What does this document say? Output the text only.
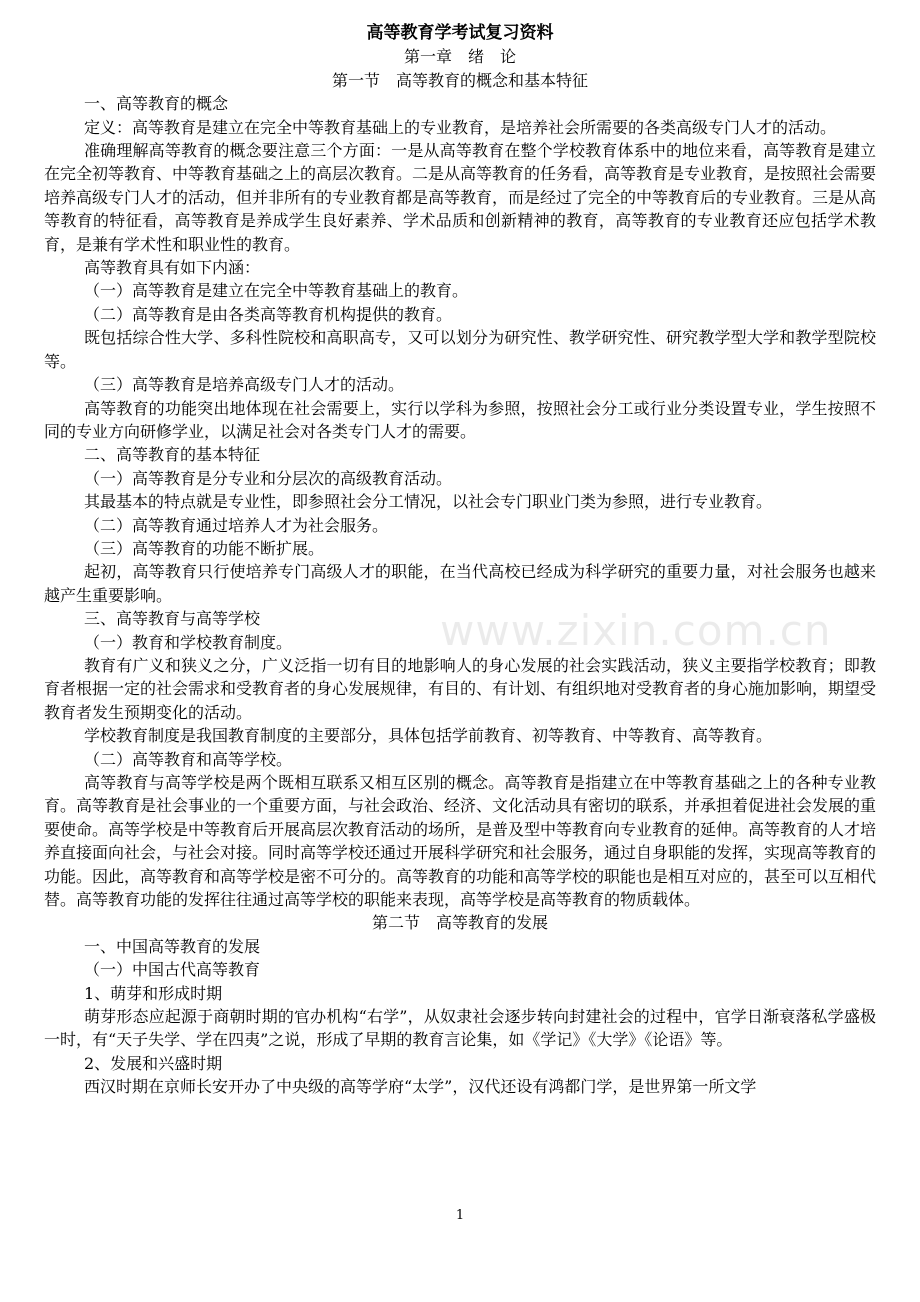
高等教育学考试复习资料

第一章　绪　论

第一节　高等教育的概念和基本特征

一、高等教育的概念

定义：高等教育是建立在完全中等教育基础上的专业教育，是培养社会所需要的各类高级专门人才的活动。

准确理解高等教育的概念要注意三个方面：一是从高等教育在整个学校教育体系中的地位来看，高等教育是建立在完全初等教育、中等教育基础之上的高层次教育。二是从高等教育的任务看，高等教育是专业教育，是按照社会需要培养高级专门人才的活动，但并非所有的专业教育都是高等教育，而是经过了完全的中等教育后的专业教育。三是从高等教育的特征看，高等教育是养成学生良好素养、学术品质和创新精神的教育，高等教育的专业教育还应包括学术教育，是兼有学术性和职业性的教育。

高等教育具有如下内涵：

（一）高等教育是建立在完全中等教育基础上的教育。

（二）高等教育是由各类高等教育机构提供的教育。

既包括综合性大学、多科性院校和高职高专，又可以划分为研究性、教学研究性、研究教学型大学和教学型院校等。

（三）高等教育是培养高级专门人才的活动。

高等教育的功能突出地体现在社会需要上，实行以学科为参照，按照社会分工或行业分类设置专业，学生按照不同的专业方向研修学业，以满足社会对各类专门人才的需要。

二、高等教育的基本特征

（一）高等教育是分专业和分层次的高级教育活动。

其最基本的特点就是专业性，即参照社会分工情况，以社会专门职业门类为参照，进行专业教育。

（二）高等教育通过培养人才为社会服务。

（三）高等教育的功能不断扩展。

起初，高等教育只行使培养专门高级人才的职能，在当代高校已经成为科学研究的重要力量，对社会服务也越来越产生重要影响。

三、高等教育与高等学校

（一）教育和学校教育制度。

教育有广义和狭义之分，广义泛指一切有目的地影响人的身心发展的社会实践活动，狭义主要指学校教育；即教育者根据一定的社会需求和受教育者的身心发展规律，有目的、有计划、有组织地对受教育者的身心施加影响，期望受教育者发生预期变化的活动。

学校教育制度是我国教育制度的主要部分，具体包括学前教育、初等教育、中等教育、高等教育。

（二）高等教育和高等学校。

高等教育与高等学校是两个既相互联系又相互区别的概念。高等教育是指建立在中等教育基础之上的各种专业教育。高等教育是社会事业的一个重要方面，与社会政治、经济、文化活动具有密切的联系，并承担着促进社会发展的重要使命。高等学校是中等教育后开展高层次教育活动的场所，是普及型中等教育向专业教育的延伸。高等教育的人才培养直接面向社会，与社会对接。同时高等学校还通过开展科学研究和社会服务，通过自身职能的发挥，实现高等教育的功能。因此，高等教育和高等学校是密不可分的。高等教育的功能和高等学校的职能也是相互对应的，甚至可以互相代替。高等教育功能的发挥往往通过高等学校的职能来表现，高等学校是高等教育的物质载体。

第二节　高等教育的发展

一、中国高等教育的发展

（一）中国古代高等教育

1、萌芽和形成时期

萌芽形态应起源于商朝时期的官办机构“右学”，从奴隶社会逐步转向封建社会的过程中，官学日渐衰落私学盛极一时，有“天子失学、学在四夷”之说，形成了早期的教育言论集，如《学记》《大学》《论语》等。

2、发展和兴盛时期

西汉时期在京师长安开办了中央级的高等学府“太学”，汉代还设有鸿都门学，是世界第一所文学

www.zixin.com.cn
1
